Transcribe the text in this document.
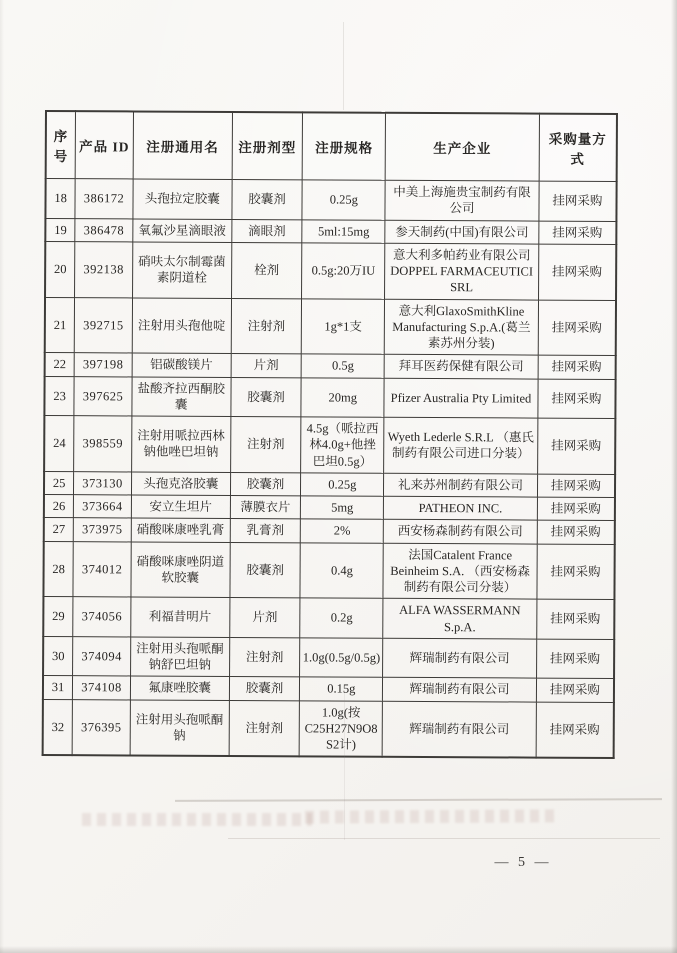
序号	产品 ID	注册通用名	注册剂型	注册规格	生产企业	采购量方式
18	386172	头孢拉定胶囊	胶囊剂	0.25g	中美上海施贵宝制药有限公司	挂网采购
19	386478	氧氟沙星滴眼液	滴眼剂	5ml:15mg	参天制药(中国)有限公司	挂网采购
20	392138	硝呋太尔制霉菌素阴道栓	栓剂	0.5g:20万IU	意大利多帕药业有限公司 DOPPEL FARMACEUTICI SRL	挂网采购
21	392715	注射用头孢他啶	注射剂	1g*1支	意大利GlaxoSmithKline Manufacturing S.p.A.(葛兰素苏州分装)	挂网采购
22	397198	铝碳酸镁片	片剂	0.5g	拜耳医药保健有限公司	挂网采购
23	397625	盐酸齐拉西酮胶囊	胶囊剂	20mg	Pfizer Australia Pty Limited	挂网采购
24	398559	注射用哌拉西林钠他唑巴坦钠	注射剂	4.5g（哌拉西林4.0g+他挫巴坦0.5g）	Wyeth Lederle S.R.L （惠氏制药有限公司进口分装）	挂网采购
25	373130	头孢克洛胶囊	胶囊剂	0.25g	礼来苏州制药有限公司	挂网采购
26	373664	安立生坦片	薄膜衣片	5mg	PATHEON INC.	挂网采购
27	373975	硝酸咪康唑乳膏	乳膏剂	2%	西安杨森制药有限公司	挂网采购
28	374012	硝酸咪康唑阴道软胶囊	胶囊剂	0.4g	法国Catalent France Beinheim S.A. （西安杨森制药有限公司分装）	挂网采购
29	374056	利福昔明片	片剂	0.2g	ALFA WASSERMANN S.p.A.	挂网采购
30	374094	注射用头孢哌酮钠舒巴坦钠	注射剂	1.0g(0.5g/0.5g)	辉瑞制药有限公司	挂网采购
31	374108	氟康唑胶囊	胶囊剂	0.15g	辉瑞制药有限公司	挂网采购
32	376395	注射用头孢哌酮钠	注射剂	1.0g(按C25H27N9O8S2计)	辉瑞制药有限公司	挂网采购
— 5 —
